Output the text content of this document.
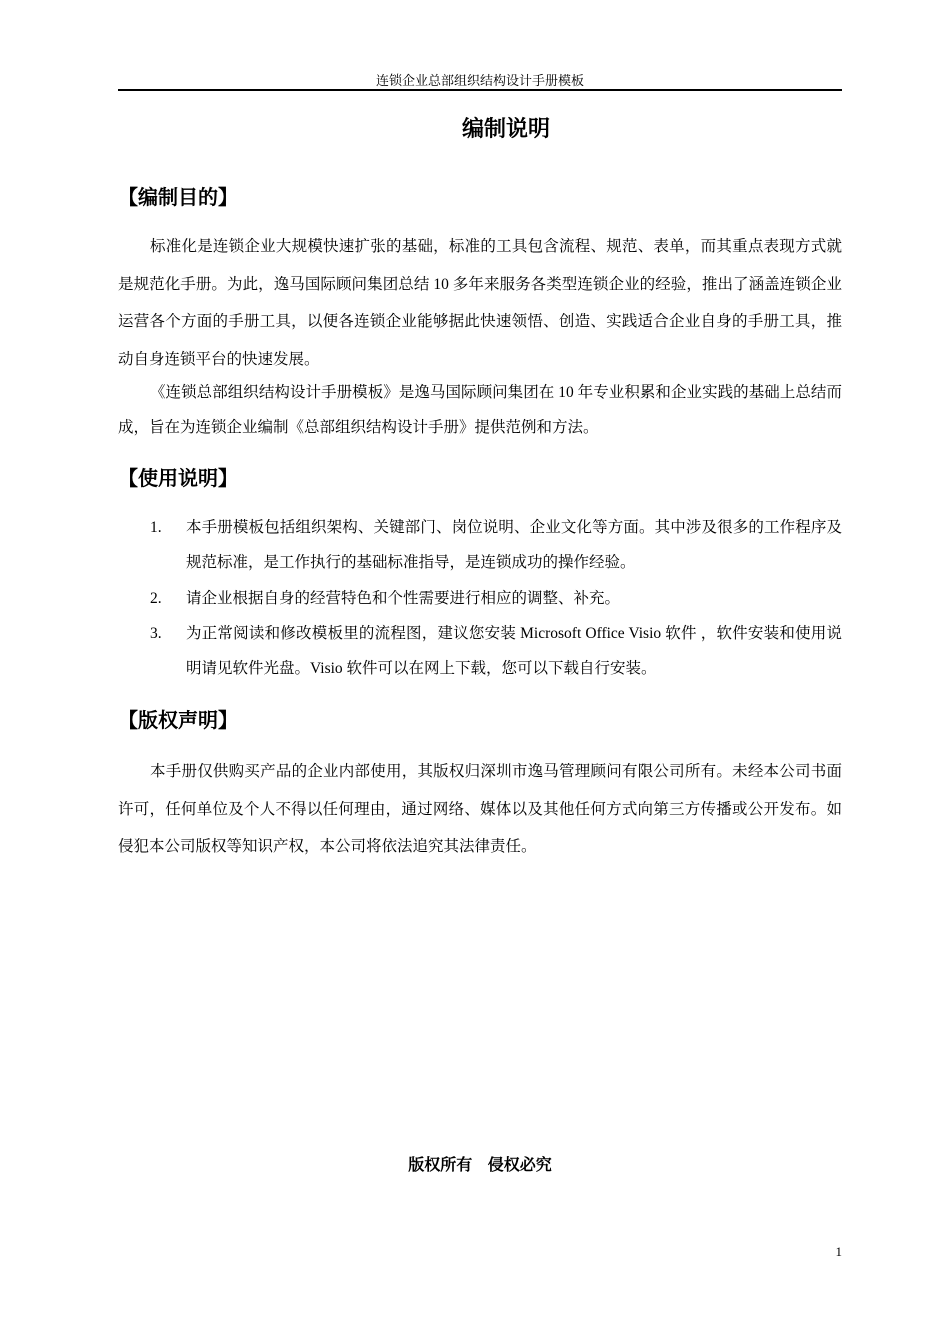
连锁企业总部组织结构设计手册模板
编制说明
【编制目的】

标准化是连锁企业大规模快速扩张的基础，标准的工具包含流程、规范、表单，而其重点表现方式就是规范化手册。为此，逸马国际顾问集团总结 10 多年来服务各类型连锁企业的经验，推出了涵盖连锁企业运营各个方面的手册工具，以便各连锁企业能够据此快速领悟、创造、实践适合企业自身的手册工具，推动自身连锁平台的快速发展。

《连锁总部组织结构设计手册模板》是逸马国际顾问集团在 10 年专业积累和企业实践的基础上总结而成，旨在为连锁企业编制《总部组织结构设计手册》提供范例和方法。

【使用说明】
1.	本手册模板包括组织架构、关键部门、岗位说明、企业文化等方面。其中涉及很多的工作程序及规范标准，是工作执行的基础标准指导，是连锁成功的操作经验。
2.	请企业根据自身的经营特色和个性需要进行相应的调整、补充。
3.	为正常阅读和修改模板里的流程图，建议您安装 Microsoft Office Visio 软件 ，软件安装和使用说明请见软件光盘。Visio 软件可以在网上下载，您可以下载自行安装。
【版权声明】

本手册仅供购买产品的企业内部使用，其版权归深圳市逸马管理顾问有限公司所有。未经本公司书面许可，任何单位及个人不得以任何理由，通过网络、媒体以及其他任何方式向第三方传播或公开发布。如侵犯本公司版权等知识产权，本公司将依法追究其法律责任。

版权所有 侵权必究
1
